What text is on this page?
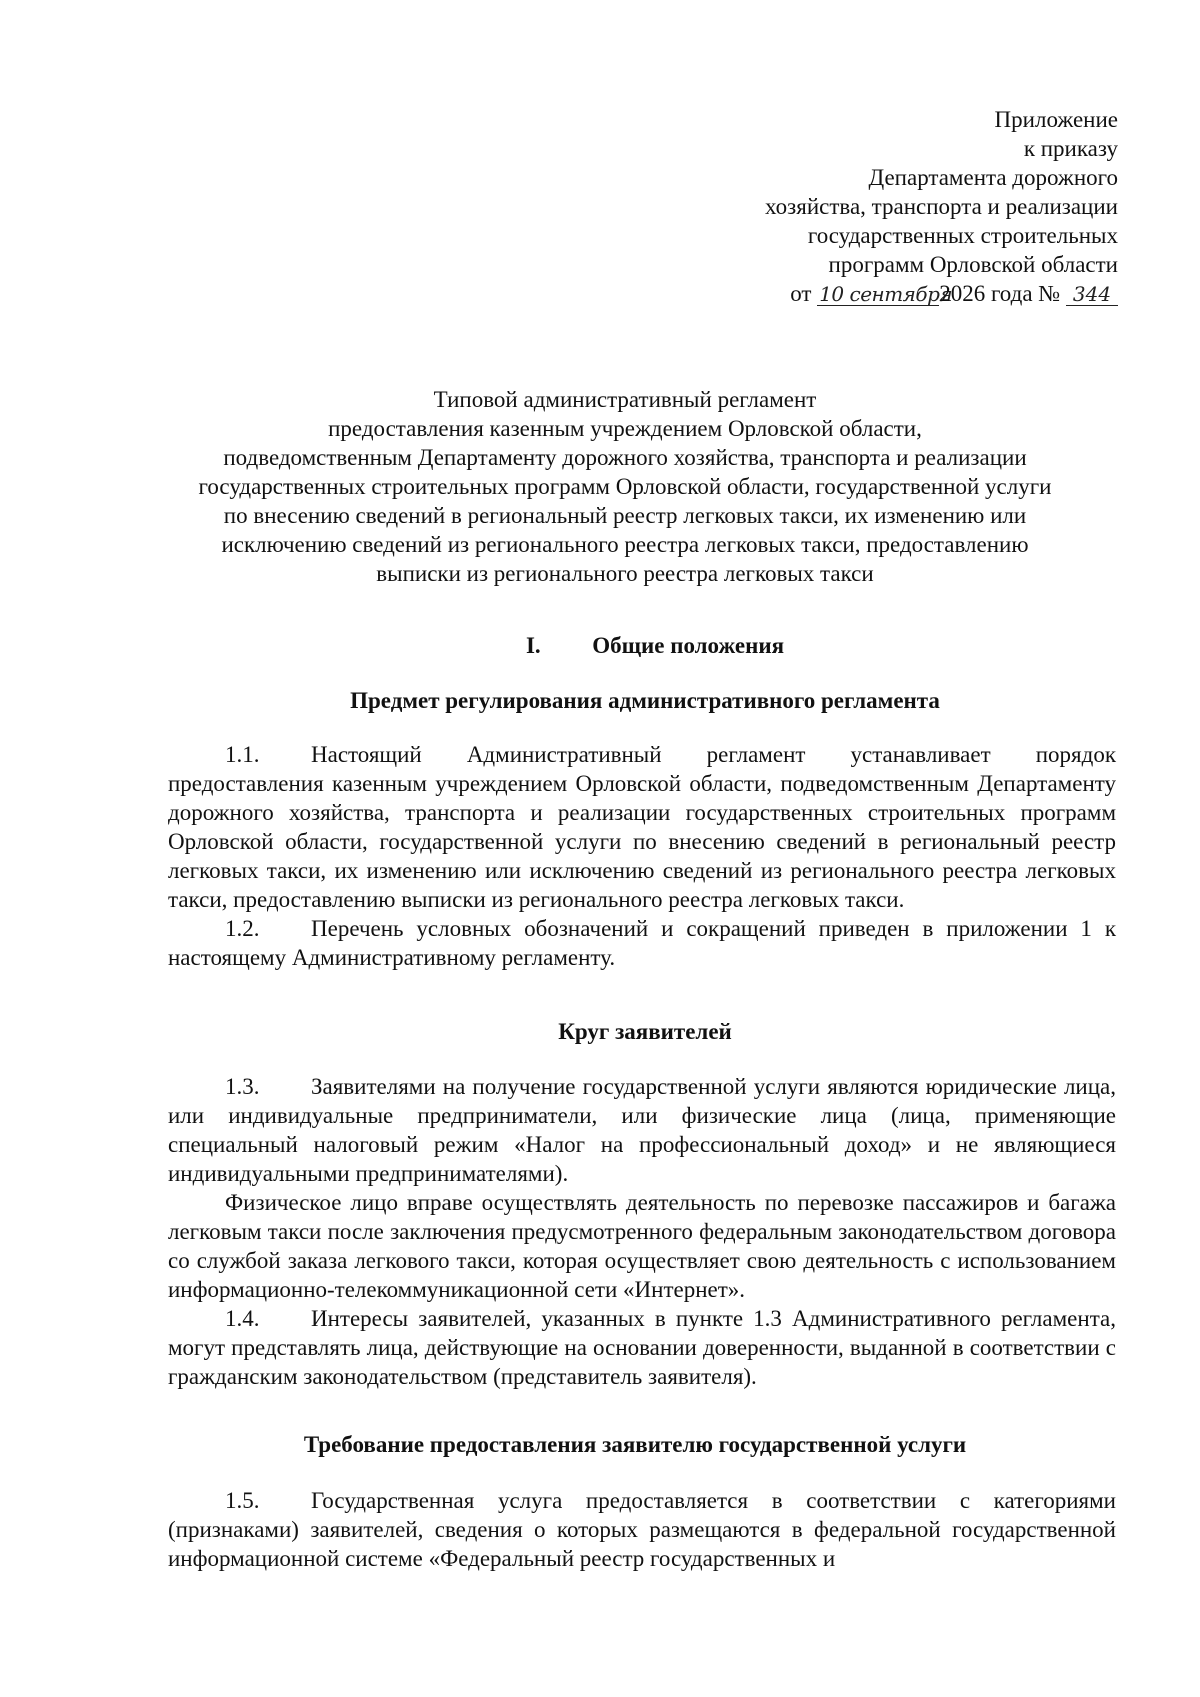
Приложение
к приказу
Департамента дорожного
хозяйства, транспорта и реализации
государственных строительных
программ Орловской области
от 10 сентября2026 года № 344
Типовой административный регламент
предоставления казенным учреждением Орловской области,
подведомственным Департаменту дорожного хозяйства, транспорта и реализации
государственных строительных программ Орловской области, государственной услуги
по внесению сведений в региональный реестр легковых такси, их изменению или
исключению сведений из регионального реестра легковых такси, предоставлению
выписки из регионального реестра легковых такси
I. Общие положения
Предмет регулирования административного регламента

1.1. Настоящий Административный регламент устанавливает порядок предоставления казенным учреждением Орловской области, подведомственным Департаменту дорожного хозяйства, транспорта и реализации государственных строительных программ Орловской области, государственной услуги по внесению сведений в региональный реестр легковых такси, их изменению или исключению сведений из регионального реестра легковых такси, предоставлению выписки из регионального реестра легковых такси.

1.2. Перечень условных обозначений и сокращений приведен в приложении 1 к настоящему Административному регламенту.

Круг заявителей

1.3. Заявителями на получение государственной услуги являются юридические лица, или индивидуальные предприниматели, или физические лица (лица, применяющие специальный налоговый режим «Налог на профессиональный доход» и не являющиеся индивидуальными предпринимателями).

Физическое лицо вправе осуществлять деятельность по перевозке пассажиров и багажа легковым такси после заключения предусмотренного федеральным законодательством договора со службой заказа легкового такси, которая осуществляет свою деятельность с использованием информационно-телекоммуникационной сети «Интернет».

1.4. Интересы заявителей, указанных в пункте 1.3 Административного регламента, могут представлять лица, действующие на основании доверенности, выданной в соответствии с гражданским законодательством (представитель заявителя).

Требование предоставления заявителю государственной услуги

1.5. Государственная услуга предоставляется в соответствии с категориями (признаками) заявителей, сведения о которых размещаются в федеральной государственной информационной системе «Федеральный реестр государственных и
